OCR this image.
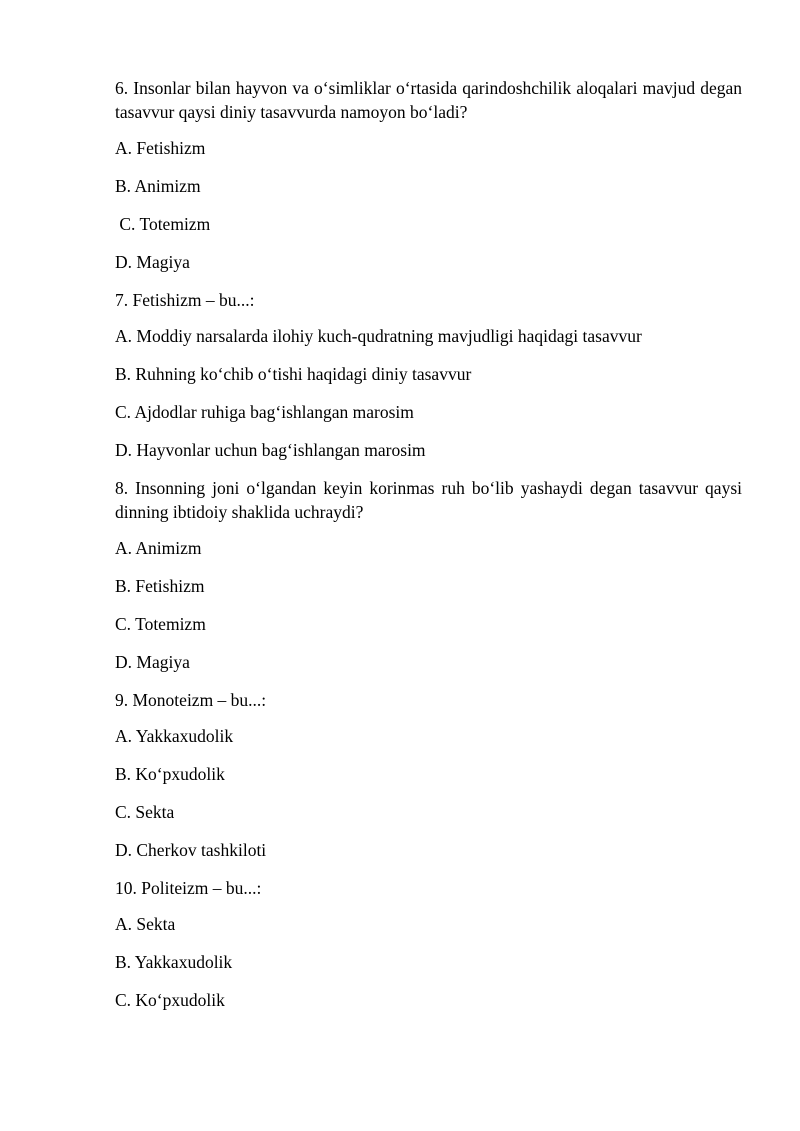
6. Insonlar bilan hayvon va o‘simliklar o‘rtasida qarindoshchilik aloqalari mavjud degan tasavvur qaysi diniy tasavvurda namoyon bo‘ladi?

A. Fetishizm

B. Animizm

C. Totemizm

D. Magiya

7. Fetishizm – bu...:

A. Moddiy narsalarda ilohiy kuch-qudratning mavjudligi haqidagi tasavvur

B. Ruhning ko‘chib o‘tishi haqidagi diniy tasavvur

C. Ajdodlar ruhiga bag‘ishlangan marosim

D. Hayvonlar uchun bag‘ishlangan marosim

8. Insonning joni o‘lgandan keyin korinmas ruh bo‘lib yashaydi degan tasavvur qaysi dinning ibtidoiy shaklida uchraydi?

A. Animizm

B. Fetishizm

C. Totemizm

D. Magiya

9. Monoteizm – bu...:

A. Yakkaxudolik

B. Ko‘pxudolik

C. Sekta

D. Cherkov tashkiloti

10. Politeizm – bu...:

A. Sekta

B. Yakkaxudolik

C. Ko‘pxudolik
